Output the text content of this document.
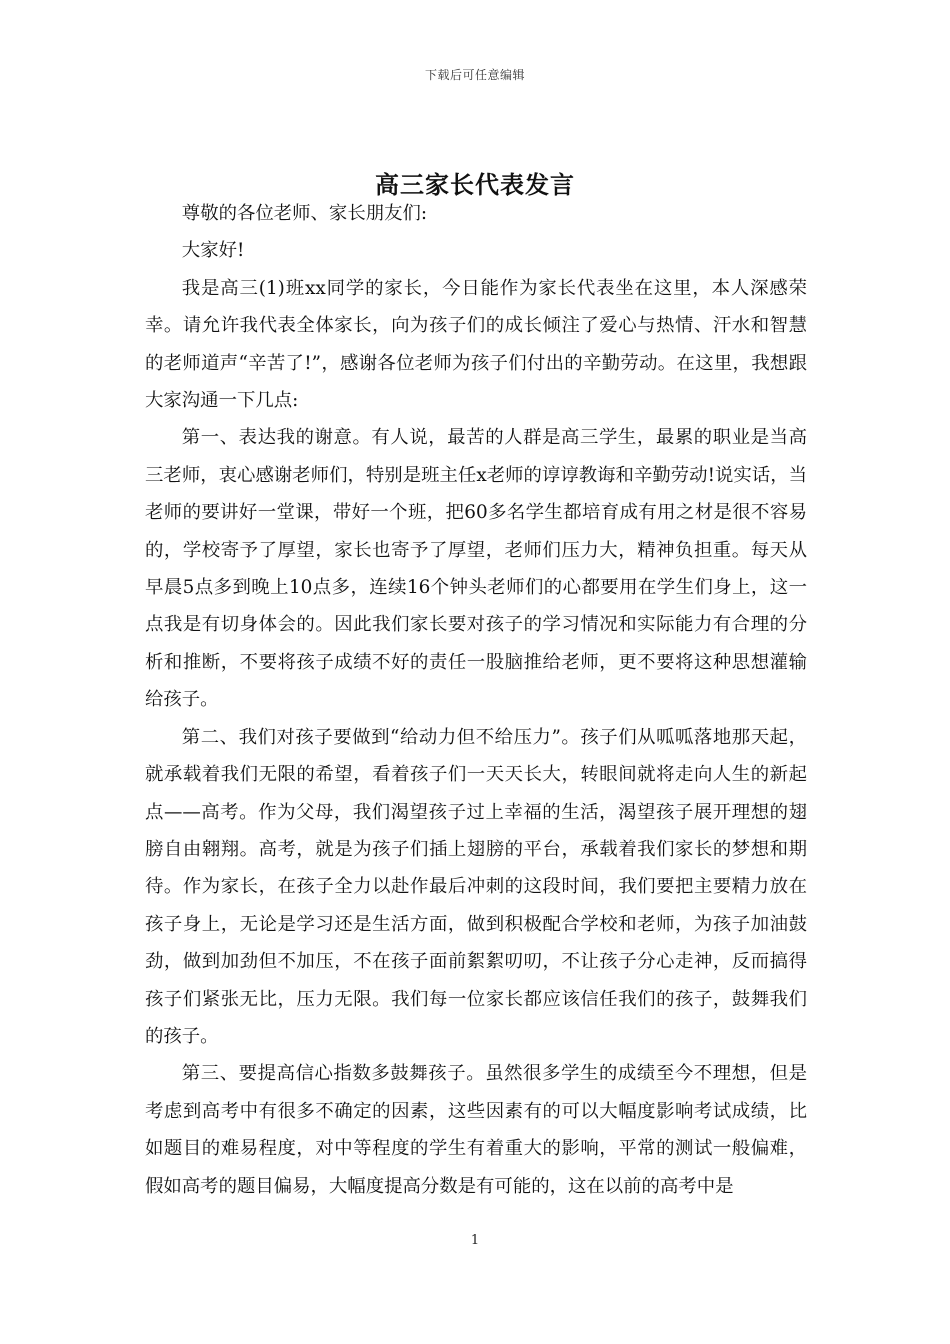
下载后可任意编辑
高三家长代表发言

尊敬的各位老师、家长朋友们:

大家好!

我是高三(1)班xx同学的家长，今日能作为家长代表坐在这里，本人深感荣幸。请允许我代表全体家长，向为孩子们的成长倾注了爱心与热情、汗水和智慧的老师道声“辛苦了!”，感谢各位老师为孩子们付出的辛勤劳动。在这里，我想跟大家沟通一下几点:

第一、表达我的谢意。有人说，最苦的人群是高三学生，最累的职业是当高三老师，衷心感谢老师们，特别是班主任x老师的谆谆教诲和辛勤劳动!说实话，当老师的要讲好一堂课，带好一个班，把60多名学生都培育成有用之材是很不容易的，学校寄予了厚望，家长也寄予了厚望，老师们压力大，精神负担重。每天从早晨5点多到晚上10点多，连续16个钟头老师们的心都要用在学生们身上，这一点我是有切身体会的。因此我们家长要对孩子的学习情况和实际能力有合理的分析和推断，不要将孩子成绩不好的责任一股脑推给老师，更不要将这种思想灌输给孩子。

第二、我们对孩子要做到“给动力但不给压力”。孩子们从呱呱落地那天起，就承载着我们无限的希望，看着孩子们一天天长大，转眼间就将走向人生的新起点——高考。作为父母，我们渴望孩子过上幸福的生活，渴望孩子展开理想的翅膀自由翱翔。高考，就是为孩子们插上翅膀的平台，承载着我们家长的梦想和期待。作为家长，在孩子全力以赴作最后冲刺的这段时间，我们要把主要精力放在孩子身上，无论是学习还是生活方面，做到积极配合学校和老师，为孩子加油鼓劲，做到加劲但不加压，不在孩子面前絮絮叨叨，不让孩子分心走神，反而搞得孩子们紧张无比，压力无限。我们每一位家长都应该信任我们的孩子，鼓舞我们的孩子。

第三、要提高信心指数多鼓舞孩子。虽然很多学生的成绩至今不理想，但是考虑到高考中有很多不确定的因素，这些因素有的可以大幅度影响考试成绩，比如题目的难易程度，对中等程度的学生有着重大的影响，平常的测试一般偏难，假如高考的题目偏易，大幅度提高分数是有可能的，这在以前的高考中是

1
